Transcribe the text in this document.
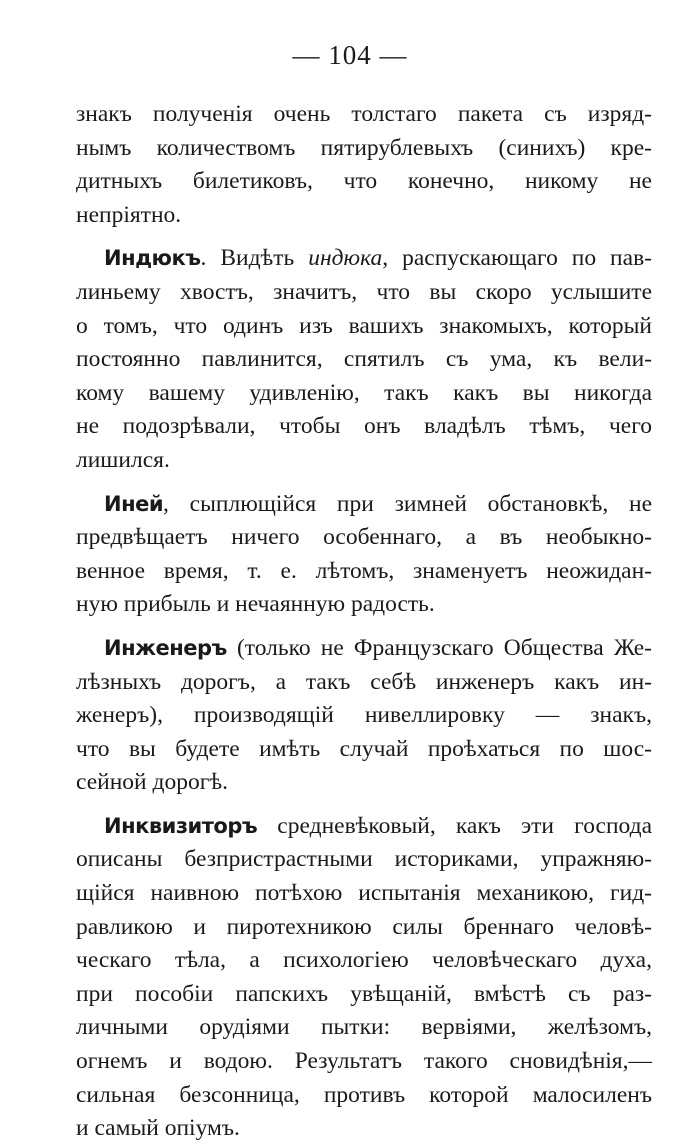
— 104 —
знакъ полученія очень толстаго пакета съ изряд-
нымъ количествомъ пятирублевыхъ (синихъ) кре-
дитныхъ билетиковъ, что конечно, никому не
непріятно.
Индюкъ. Видѣть индюка, распускающаго по пав-
линьему хвостъ, значитъ, что вы скоро услышите
о томъ, что одинъ изъ вашихъ знакомыхъ, который
постоянно павлинится, спятилъ съ ума, къ вели-
кому вашему удивленію, такъ какъ вы никогда
не подозрѣвали, чтобы онъ владѣлъ тѣмъ, чего
лишился.
Иней, сыплющійся при зимней обстановкѣ, не
предвѣщаетъ ничего особеннаго, а въ необыкно-
венное время, т. е. лѣтомъ, знаменуетъ неожидан-
ную прибыль и нечаянную радость.
Инженеръ (только не Французскаго Общества Же-
лѣзныхъ дорогъ, а такъ себѣ инженеръ какъ ин-
женеръ), производящій нивеллировку — знакъ,
что вы будете имѣть случай проѣхаться по шос-
сейной дорогѣ.
Инквизиторъ средневѣковый, какъ эти господа
описаны безпристрастными историками, упражняю-
щійся наивною потѣхою испытанія механикою, гид-
равликою и пиротехникою силы бреннаго человѣ-
ческаго тѣла, а психологіею человѣческаго духа,
при пособіи папскихъ увѣщаній, вмѣстѣ съ раз-
личными орудіями пытки: вервіями, желѣзомъ,
огнемъ и водою. Результатъ такого сновидѣнія,—
сильная безсонница, противъ которой малосиленъ
и самый опіумъ.
